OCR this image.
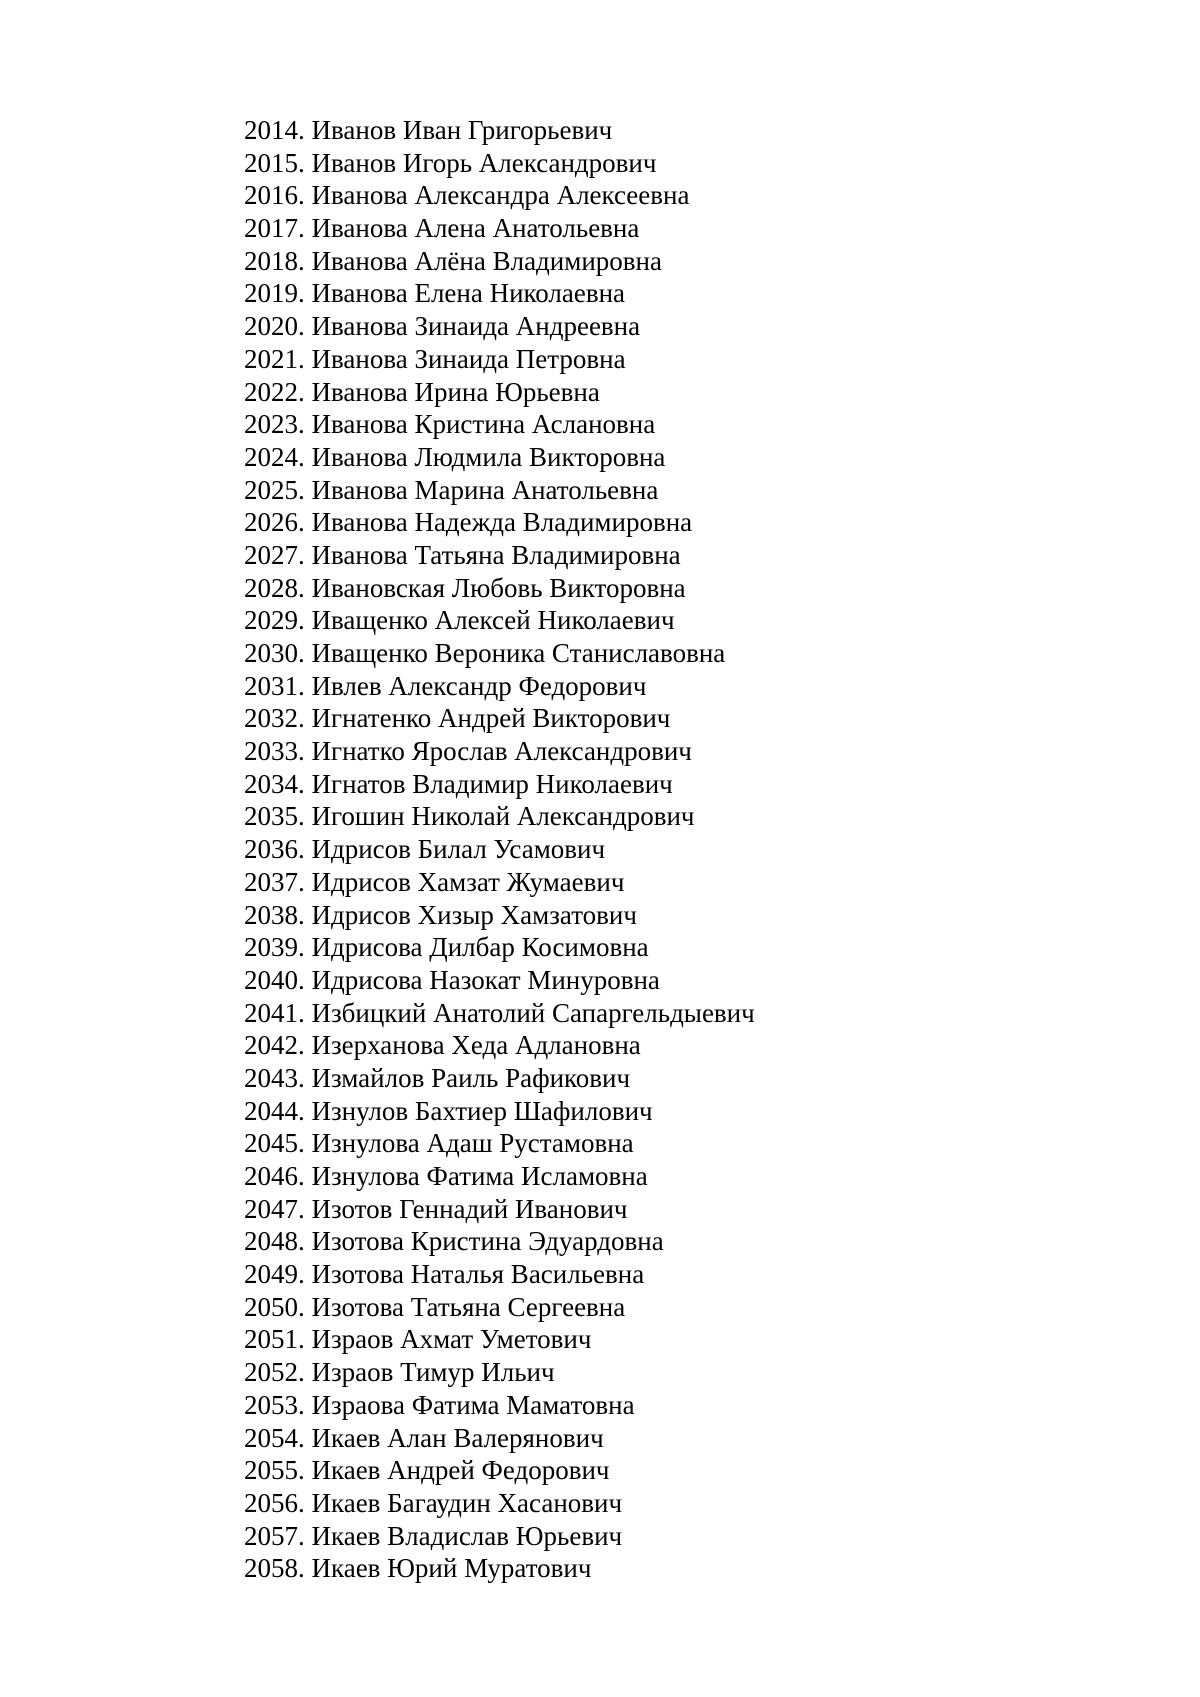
2014. Иванов Иван Григорьевич
2015. Иванов Игорь Александрович
2016. Иванова Александра Алексеевна
2017. Иванова Алена Анатольевна
2018. Иванова Алёна Владимировна
2019. Иванова Елена Николаевна
2020. Иванова Зинаида Андреевна
2021. Иванова Зинаида Петровна
2022. Иванова Ирина Юрьевна
2023. Иванова Кристина Аслановна
2024. Иванова Людмила Викторовна
2025. Иванова Марина Анатольевна
2026. Иванова Надежда Владимировна
2027. Иванова Татьяна Владимировна
2028. Ивановская Любовь Викторовна
2029. Иващенко Алексей Николаевич
2030. Иващенко Вероника Станиславовна
2031. Ивлев Александр Федорович
2032. Игнатенко Андрей Викторович
2033. Игнатко Ярослав Александрович
2034. Игнатов Владимир Николаевич
2035. Игошин Николай Александрович
2036. Идрисов Билал Усамович
2037. Идрисов Хамзат Жумаевич
2038. Идрисов Хизыр Хамзатович
2039. Идрисова Дилбар Косимовна
2040. Идрисова Назокат Минуровна
2041. Избицкий Анатолий Сапаргельдыевич
2042. Изерханова Хеда Адлановна
2043. Измайлов Раиль Рафикович
2044. Изнулов Бахтиер Шафилович
2045. Изнулова Адаш Рустамовна
2046. Изнулова Фатима Исламовна
2047. Изотов Геннадий Иванович
2048. Изотова Кристина Эдуардовна
2049. Изотова Наталья Васильевна
2050. Изотова Татьяна Сергеевна
2051. Израов Ахмат Уметович
2052. Израов Тимур Ильич
2053. Израова Фатима Маматовна
2054. Икаев Алан Валерянович
2055. Икаев Андрей Федорович
2056. Икаев Багаудин Хасанович
2057. Икаев Владислав Юрьевич
2058. Икаев Юрий Муратович
